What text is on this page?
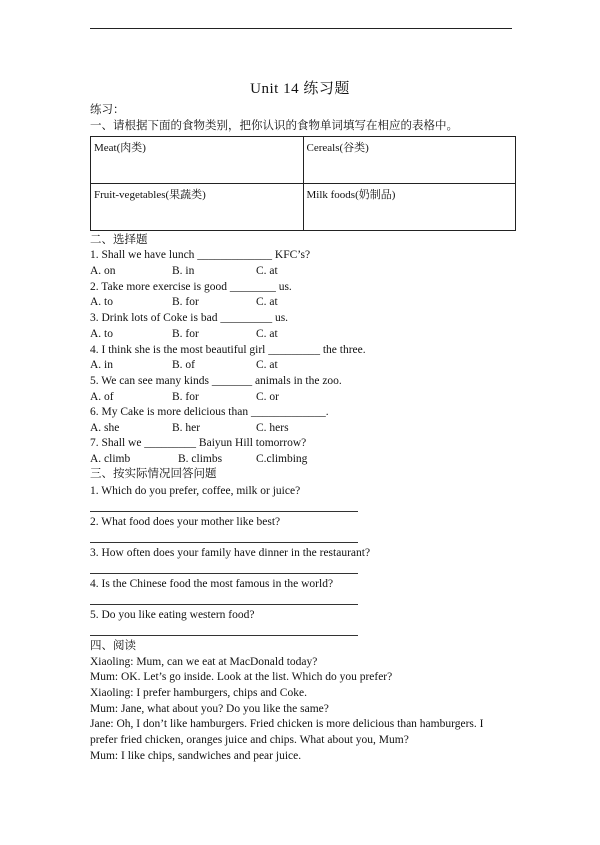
Unit 14 练习题
练习：
一、请根据下面的食物类别，把你认识的食物单词填写在相应的表格中。
Meat(肉类)	Cereals(谷类)
Fruit-vegetables(果蔬类)	Milk foods(奶制品)
二、选择题
1. Shall we have lunch _____________ KFC’s?
A. on	B. in	C. at
2. Take more exercise is good ________ us.
A. to	B. for	C. at
3. Drink lots of Coke is bad _________ us.
A. to	B. for	C. at
4. I think she is the most beautiful girl _________ the three.
A. in	B. of	C. at
5. We can see many kinds _______ animals in the zoo.
A. of	B. for	C. or
6. My Cake is more delicious than _____________.
A. she	B. her	C. hers
7. Shall we _________ Baiyun Hill tomorrow?
A. climb	B. climbs	C.climbing
三、按实际情况回答问题
1. Which do you prefer, coffee, milk or juice?
2. What food does your mother like best?
3. How often does your family have dinner in the restaurant?
4. Is the Chinese food the most famous in the world?
5. Do you like eating western food?
四、阅读
Xiaoling: Mum, can we eat at MacDonald today?
Mum: OK. Let’s go inside. Look at the list. Which do you prefer?
Xiaoling: I prefer hamburgers, chips and Coke.
Mum: Jane, what about you? Do you like the same?
Jane: Oh, I don’t like hamburgers. Fried chicken is more delicious than hamburgers. I
prefer fried chicken, oranges juice and chips. What about you, Mum?
Mum: I like chips, sandwiches and pear juice.
